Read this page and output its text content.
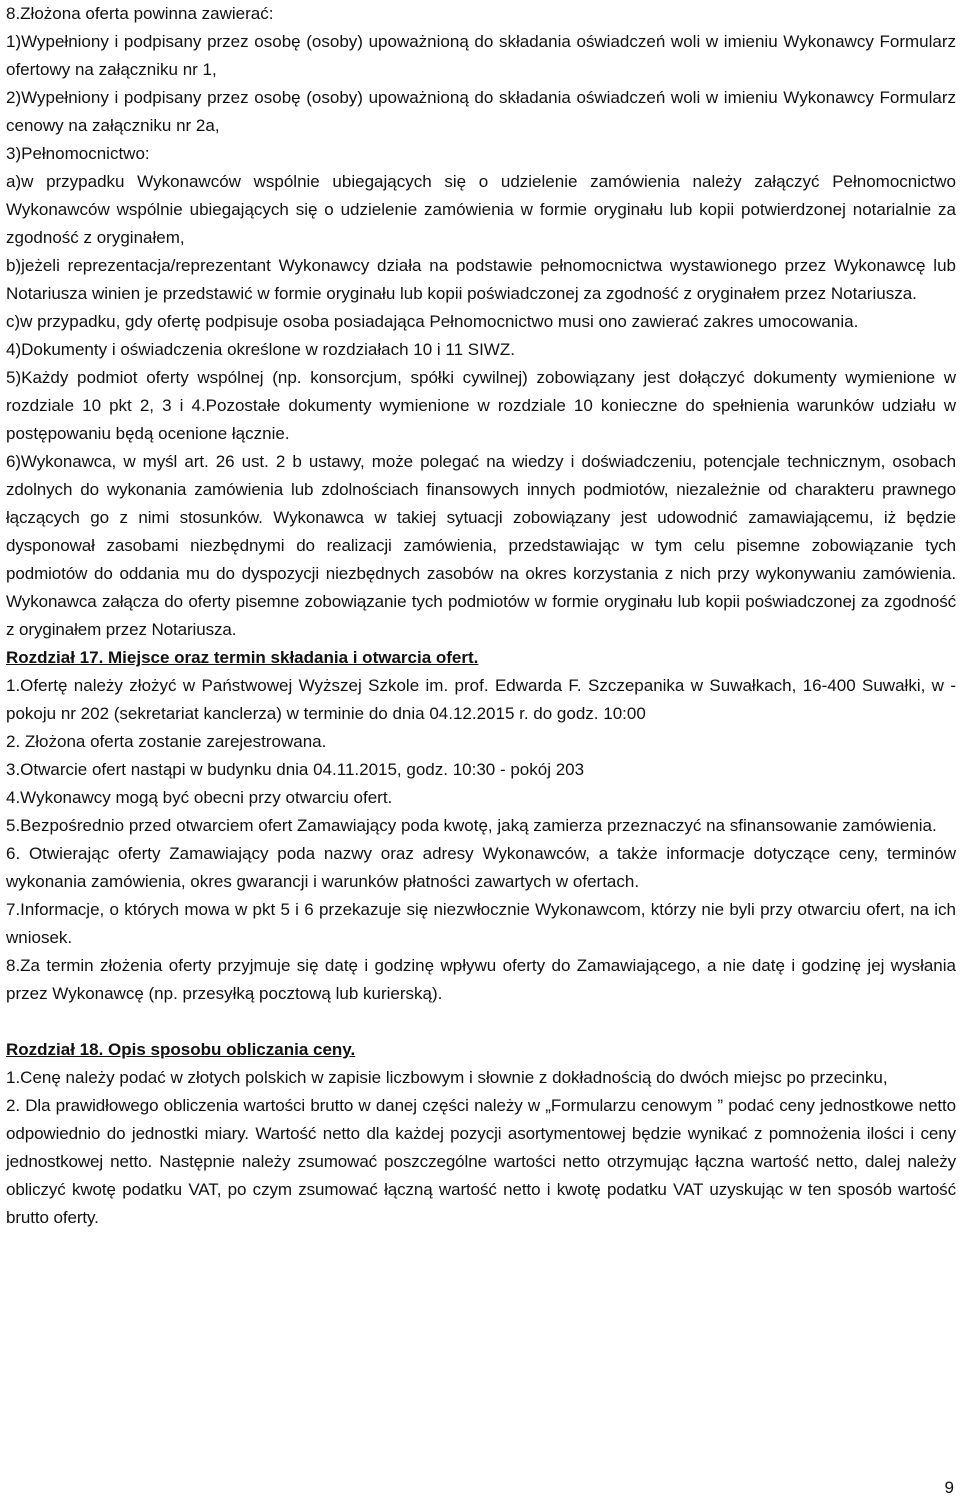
8.Złożona oferta powinna zawierać:

1)Wypełniony i podpisany przez osobę (osoby) upoważnioną do składania oświadczeń woli w imieniu Wykonawcy Formularz ofertowy na załączniku nr 1,

2)Wypełniony i podpisany przez osobę (osoby) upoważnioną do składania oświadczeń woli w imieniu Wykonawcy Formularz cenowy na załączniku nr 2a,

3)Pełnomocnictwo:

a)w przypadku Wykonawców wspólnie ubiegających się o udzielenie zamówienia należy załączyć Pełnomocnictwo Wykonawców wspólnie ubiegających się o udzielenie zamówienia w formie oryginału lub kopii potwierdzonej notarialnie za zgodność z oryginałem,

b)jeżeli reprezentacja/reprezentant Wykonawcy działa na podstawie pełnomocnictwa wystawionego przez Wykonawcę lub Notariusza winien je przedstawić w formie oryginału lub kopii poświadczonej za zgodność z oryginałem przez Notariusza.

c)w przypadku, gdy ofertę podpisuje osoba posiadająca Pełnomocnictwo musi ono zawierać zakres umocowania.

4)Dokumenty i oświadczenia określone w rozdziałach 10 i 11 SIWZ.

5)Każdy podmiot oferty wspólnej (np. konsorcjum, spółki cywilnej) zobowiązany jest dołączyć dokumenty wymienione w rozdziale 10 pkt 2, 3 i 4.Pozostałe dokumenty wymienione w rozdziale 10 konieczne do spełnienia warunków udziału w postępowaniu będą ocenione łącznie.

6)Wykonawca, w myśl art. 26 ust. 2 b ustawy, może polegać na wiedzy i doświadczeniu, potencjale technicznym, osobach zdolnych do wykonania zamówienia lub zdolnościach finansowych innych podmiotów, niezależnie od charakteru prawnego łączących go z nimi stosunków. Wykonawca w takiej sytuacji zobowiązany jest udowodnić zamawiającemu, iż będzie dysponował zasobami niezbędnymi do realizacji zamówienia, przedstawiając w tym celu pisemne zobowiązanie tych podmiotów do oddania mu do dyspozycji niezbędnych zasobów na okres korzystania z nich przy wykonywaniu zamówienia. Wykonawca załącza do oferty pisemne zobowiązanie tych podmiotów w formie oryginału lub kopii poświadczonej za zgodność z oryginałem przez Notariusza.

Rozdział 17. Miejsce oraz termin składania i otwarcia ofert.

1.Ofertę należy złożyć w Państwowej Wyższej Szkole im. prof. Edwarda F. Szczepanika w Suwałkach, 16-400 Suwałki, w - pokoju nr 202 (sekretariat kanclerza) w terminie do dnia 04.12.2015 r. do godz. 10:00

2. Złożona oferta zostanie zarejestrowana.

3.Otwarcie ofert nastąpi w budynku dnia 04.11.2015, godz. 10:30 - pokój 203

4.Wykonawcy mogą być obecni przy otwarciu ofert.

5.Bezpośrednio przed otwarciem ofert Zamawiający poda kwotę, jaką zamierza przeznaczyć na sfinansowanie zamówienia.

6. Otwierając oferty Zamawiający poda nazwy oraz adresy Wykonawców, a także informacje dotyczące ceny, terminów wykonania zamówienia, okres gwarancji i warunków płatności zawartych w ofertach.

7.Informacje, o których mowa w pkt 5 i 6 przekazuje się niezwłocznie Wykonawcom, którzy nie byli przy otwarciu ofert, na ich wniosek.

8.Za termin złożenia oferty przyjmuje się datę i godzinę wpływu oferty do Zamawiającego, a nie datę i godzinę jej wysłania przez Wykonawcę (np. przesyłką pocztową lub kurierską).

Rozdział 18. Opis sposobu obliczania ceny.

1.Cenę należy podać w złotych polskich w zapisie liczbowym i słownie z dokładnością do dwóch miejsc po przecinku,

2. Dla prawidłowego obliczenia wartości brutto w danej części należy w „Formularzu cenowym ” podać ceny jednostkowe netto odpowiednio do jednostki miary. Wartość netto dla każdej pozycji asortymentowej będzie wynikać z pomnożenia ilości i ceny jednostkowej netto. Następnie należy zsumować poszczególne wartości netto otrzymując łączna wartość netto, dalej należy obliczyć kwotę podatku VAT, po czym zsumować łączną wartość netto i kwotę podatku VAT uzyskując w ten sposób wartość brutto oferty.

9
